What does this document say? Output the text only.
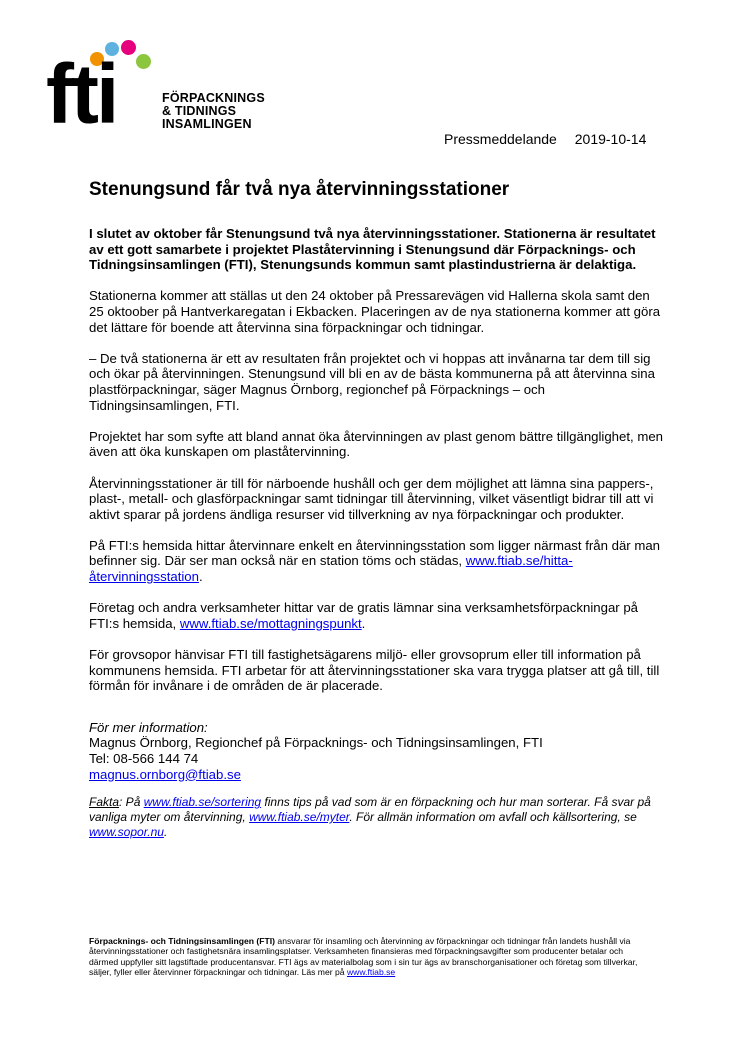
fti	FÖRPACKNINGS
& TIDNINGS
INSAMLINGEN
Pressmeddelande 2019-10-14
Stenungsund får två nya återvinningsstationer

I slutet av oktober får Stenungsund två nya återvinningsstationer. Stationerna är resultatet av ett gott samarbete i projektet Plaståtervinning i Stenungsund där Förpacknings- och Tidningsinsamlingen (FTI), Stenungsunds kommun samt plastindustrierna är delaktiga.

Stationerna kommer att ställas ut den 24 oktober på Pressarevägen vid Hallerna skola samt den 25 oktoober på Hantverkaregatan i Ekbacken. Placeringen av de nya stationerna kommer att göra det lättare för boende att återvinna sina förpackningar och tidningar.

– De två stationerna är ett av resultaten från projektet och vi hoppas att invånarna tar dem till sig och ökar på återvinningen. Stenungsund vill bli en av de bästa kommunerna på att återvinna sina plastförpackningar, säger Magnus Örnborg, regionchef på Förpacknings – och Tidningsinsamlingen, FTI.

Projektet har som syfte att bland annat öka återvinningen av plast genom bättre tillgänglighet, men även att öka kunskapen om plaståtervinning.

Återvinningsstationer är till för närboende hushåll och ger dem möjlighet att lämna sina pappers-, plast-, metall- och glasförpackningar samt tidningar till återvinning, vilket väsentligt bidrar till att vi aktivt sparar på jordens ändliga resurser vid tillverkning av nya förpackningar och produkter.

På FTI:s hemsida hittar återvinnare enkelt en återvinningsstation som ligger närmast från där man befinner sig. Där ser man också när en station töms och städas, www.ftiab.se/hitta-återvinningsstation.

Företag och andra verksamheter hittar var de gratis lämnar sina verksamhetsförpackningar på FTI:s hemsida, www.ftiab.se/mottagningspunkt.

För grovsopor hänvisar FTI till fastighetsägarens miljö- eller grovsoprum eller till information på kommunens hemsida. FTI arbetar för att återvinningsstationer ska vara trygga platser att gå till, till förmån för invånare i de områden de är placerade.

För mer information:
Magnus Örnborg, Regionchef på Förpacknings- och Tidningsinsamlingen, FTI
Tel: 08-566 144 74
magnus.ornborg@ftiab.se
Fakta: På www.ftiab.se/sortering finns tips på vad som är en förpackning och hur man sorterar. Få svar på vanliga myter om återvinning, www.ftiab.se/myter. För allmän information om avfall och källsortering, se www.sopor.nu.
Förpacknings- och Tidningsinsamlingen (FTI) ansvarar för insamling och återvinning av förpackningar och tidningar från landets hushåll via återvinningsstationer och fastighetsnära insamlingsplatser. Verksamheten finansieras med förpackningsavgifter som producenter betalar och därmed uppfyller sitt lagstiftade producentansvar. FTI ägs av materialbolag som i sin tur ägs av branschorganisationer och företag som tillverkar, säljer, fyller eller återvinner förpackningar och tidningar. Läs mer på www.ftiab.se
